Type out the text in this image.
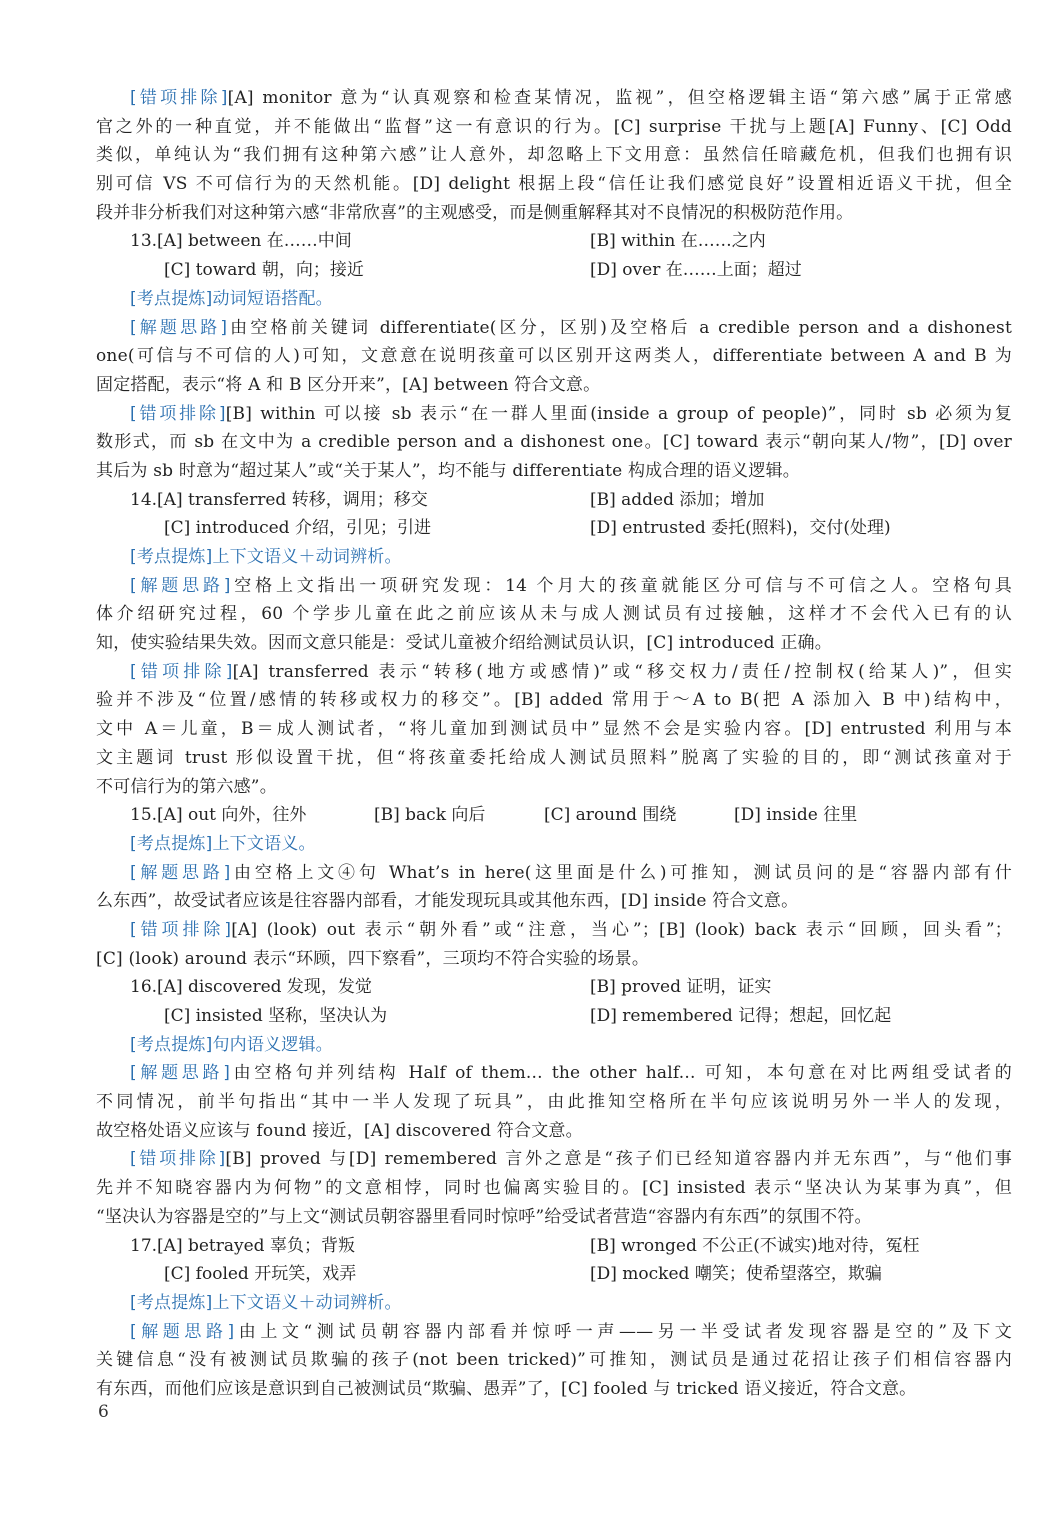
[错项排除][A] monitor 意为“认真观察和检查某情况，监视”，但空格逻辑主语“第六感”属于正常感
官之外的一种直觉，并不能做出“监督”这一有意识的行为。[C] surprise 干扰与上题[A] Funny、[C] Odd
类似，单纯认为“我们拥有这种第六感”让人意外，却忽略上下文用意：虽然信任暗藏危机，但我们也拥有识
别可信 VS 不可信行为的天然机能。[D] delight 根据上段“信任让我们感觉良好”设置相近语义干扰，但全
段并非分析我们对这种第六感“非常欣喜”的主观感受，而是侧重解释其对不良情况的积极防范作用。
13.[A] between 在……中间	[B] within 在……之内
[C] toward 朝，向；接近	[D] over 在……上面；超过
[考点提炼]动词短语搭配。
[解题思路]由空格前关键词 differentiate(区分，区别)及空格后 a credible person and a dishonest
one(可信与不可信的人)可知，文意意在说明孩童可以区别开这两类人，differentiate between A and B 为
固定搭配，表示“将 A 和 B 区分开来”，[A] between 符合文意。
[错项排除][B] within 可以接 sb 表示“在一群人里面(inside a group of people)”，同时 sb 必须为复
数形式，而 sb 在文中为 a credible person and a dishonest one。[C] toward 表示“朝向某人/物”，[D] over
其后为 sb 时意为“超过某人”或“关于某人”，均不能与 differentiate 构成合理的语义逻辑。
14.[A] transferred 转移，调用；移交	[B] added 添加；增加
[C] introduced 介绍，引见；引进	[D] entrusted 委托(照料)，交付(处理)
[考点提炼]上下文语义＋动词辨析。
[解题思路]空格上文指出一项研究发现：14 个月大的孩童就能区分可信与不可信之人。空格句具
体介绍研究过程，60 个学步儿童在此之前应该从未与成人测试员有过接触，这样才不会代入已有的认
知，使实验结果失效。因而文意只能是：受试儿童被介绍给测试员认识，[C] introduced 正确。
[错项排除][A] transferred 表示“转移(地方或感情)”或“移交权力/责任/控制权(给某人)”，但实
验并不涉及“位置/感情的转移或权力的移交”。[B] added 常用于～A to B(把 A 添加入 B 中)结构中，
文中 A＝儿童，B＝成人测试者，“将儿童加到测试员中”显然不会是实验内容。[D] entrusted 利用与本
文主题词 trust 形似设置干扰，但“将孩童委托给成人测试员照料”脱离了实验的目的，即“测试孩童对于
不可信行为的第六感”。
15.[A] out 向外，往外	[B] back 向后	[C] around 围绕	[D] inside 往里
[考点提炼]上下文语义。
[解题思路]由空格上文④句 What’s in here(这里面是什么)可推知，测试员问的是“容器内部有什
么东西”，故受试者应该是往容器内部看，才能发现玩具或其他东西，[D] inside 符合文意。
[错项排除][A] (look) out 表示“朝外看”或“注意，当心”；[B] (look) back 表示“回顾，回头看”；
[C] (look) around 表示“环顾，四下察看”，三项均不符合实验的场景。
16.[A] discovered 发现，发觉	[B] proved 证明，证实
[C] insisted 坚称，坚决认为	[D] remembered 记得；想起，回忆起
[考点提炼]句内语义逻辑。
[解题思路]由空格句并列结构 Half of them... the other half... 可知，本句意在对比两组受试者的
不同情况，前半句指出“其中一半人发现了玩具”，由此推知空格所在半句应该说明另外一半人的发现，
故空格处语义应该与 found 接近，[A] discovered 符合文意。
[错项排除][B] proved 与[D] remembered 言外之意是“孩子们已经知道容器内并无东西”，与“他们事
先并不知晓容器内为何物”的文意相悖，同时也偏离实验目的。[C] insisted 表示“坚决认为某事为真”，但
“坚决认为容器是空的”与上文“测试员朝容器里看同时惊呼”给受试者营造“容器内有东西”的氛围不符。
17.[A] betrayed 辜负；背叛	[B] wronged 不公正(不诚实)地对待，冤枉
[C] fooled 开玩笑，戏弄	[D] mocked 嘲笑；使希望落空，欺骗
[考点提炼]上下文语义＋动词辨析。
[解题思路]由上文“测试员朝容器内部看并惊呼一声——另一半受试者发现容器是空的”及下文
关键信息“没有被测试员欺骗的孩子(not been tricked)”可推知，测试员是通过花招让孩子们相信容器内
有东西，而他们应该是意识到自己被测试员“欺骗、愚弄”了，[C] fooled 与 tricked 语义接近，符合文意。
6
